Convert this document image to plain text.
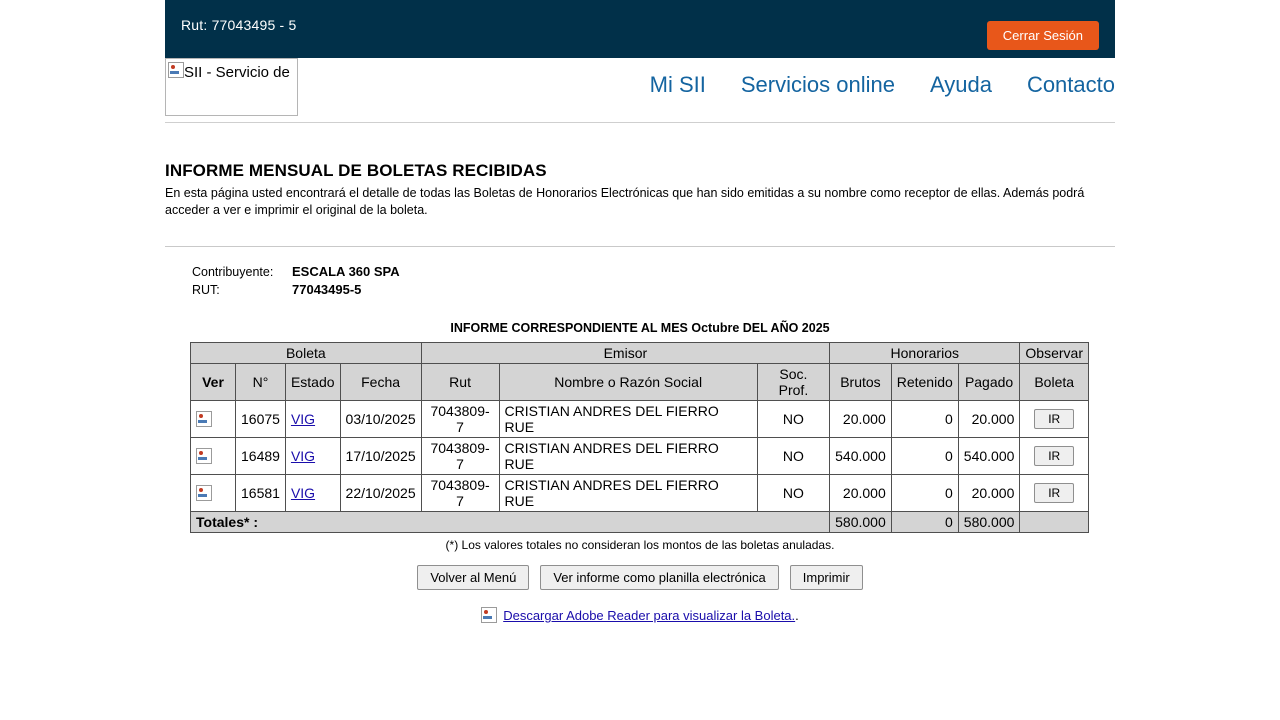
Rut: 77043495 - 5
Cerrar Sesión
SII - Servicio de	Mi SII Servicios online Ayuda Contacto
INFORME MENSUAL DE BOLETAS RECIBIDAS

En esta página usted encontrará el detalle de todas las Boletas de Honorarios Electrónicas que han sido emitidas a su nombre como receptor de ellas. Además podrá acceder a ver e imprimir el original de la boleta.

Contribuyente: ESCALA 360 SPA
RUT:	77043495-5
INFORME CORRESPONDIENTE AL MES Octubre DEL AÑO 2025
Boleta				Emisor			Honorarios			Observar
Ver	N°	Estado	Fecha	Rut	Nombre o Razón Social	Soc. Prof.	Brutos	Retenido	Pagado	Boleta
	16075	VIG	03/10/2025	7043809-7	CRISTIAN ANDRES DEL FIERRO RUE	NO	20.000	0	20.000	IR
	16489	VIG	17/10/2025	7043809-7	CRISTIAN ANDRES DEL FIERRO RUE	NO	540.000	0	540.000	IR
	16581	VIG	22/10/2025	7043809-7	CRISTIAN ANDRES DEL FIERRO RUE	NO	20.000	0	20.000	IR
Totales* :							580.000	0	580.000	
(*) Los valores totales no consideran los montos de las boletas anuladas.
Volver al Menú	Ver informe como planilla electrónica	Imprimir
Descargar Adobe Reader para visualizar la Boleta..
